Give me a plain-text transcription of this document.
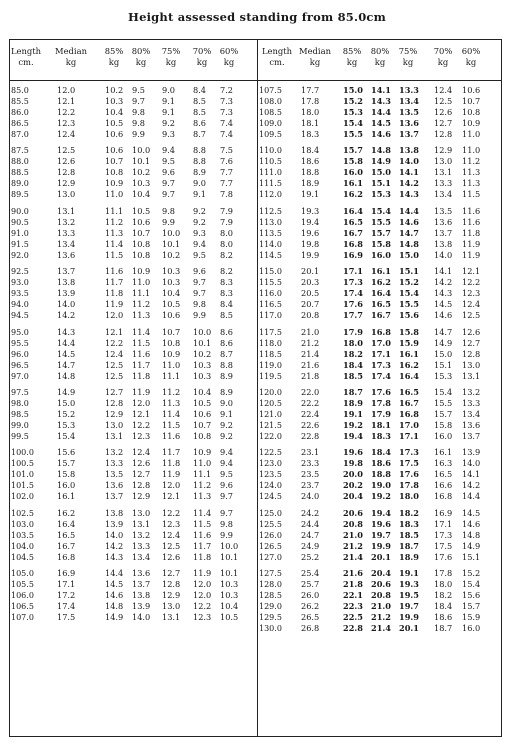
Height assessed standing from 85.0cm
Length
cm.
Median
kg
85%
kg
80%
kg
75%
kg
70%
kg
60%
kg
85.0	12.0	10.2 9.5 9.0 8.4 7.2
85.5	12.1	10.3 9.7 9.1 8.5 7.3
86.0	12.2	10.4 9.8 9.1 8.5 7.3
86.5	12.3	10.5 9.8 9.2 8.6 7.4
87.0	12.4	10.6 9.9 9.3 8.7 7.4
87.5	12.5	10.6 10.0 9.4 8.8 7.5
88.0	12.6	10.7 10.1 9.5 8.8 7.6
88.5	12.8	10.8 10.2 9.6 8.9 7.7
89.0	12.9	10.9 10.3 9.7 9.0 7.7
89.5	13.0	11.0 10.4 9.7 9.1 7.8
90.0	13.1	11.1 10.5 9.8 9.2 7.9
90.5	13.2	11.2 10.6 9.9 9.2 7.9
91.0	13.3	11.3 10.7 10.0 9.3 8.0
91.5	13.4	11.4 10.8 10.1 9.4 8.0
92.0	13.6	11.5 10.8 10.2 9.5 8.2
92.5	13.7	11.6 10.9 10.3 9.6 8.2
93.0	13.8	11.7 11.0 10.3 9.7 8.3
93.5	13.9	11.8 11.1 10.4 9.7 8.3
94.0	14.0	11.9 11.2 10.5 9.8 8.4
94.5	14.2	12.0 11.3 10.6 9.9 8.5
95.0	14.3	12.1 11.4 10.7 10.0 8.6
95.5	14.4	12.2 11.5 10.8 10.1 8.6
96.0	14.5	12.4 11.6 10.9 10.2 8.7
96.5	14.7	12.5 11.7 11.0 10.3 8.8
97.0	14.8	12.5 11.8 11.1 10.3 8.9
97.5	14.9	12.7 11.9 11.2 10.4 8.9
98.0	15.0	12.8 12.0 11.3 10.5 9.0
98.5	15.2	12.9 12.1 11.4 10.6 9.1
99.0	15.3	13.0 12.2 11.5 10.7 9.2
99.5	15.4	13.1 12.3 11.6 10.8 9.2
100.0	15.6	13.2 12.4 11.7 10.9 9.4
100.5	15.7	13.3 12.6 11.8 11.0 9.4
101.0	15.8	13.5 12.7 11.9 11.1 9.5
101.5	16.0	13.6 12.8 12.0 11.2 9.6
102.0	16.1	13.7 12.9 12.1 11.3 9.7
102.5	16.2	13.8 13.0 12.2 11.4 9.7
103.0	16.4	13.9 13.1 12.3 11.5 9.8
103.5	16.5	14.0 13.2 12.4 11.6 9.9
104.0	16.7	14.2 13.3 12.5 11.7 10.0
104.5	16.8	14.3 13.4 12.6 11.8 10.1
105.0	16.9	14.4 13.6 12.7 11.9 10.1
105.5	17.1	14.5 13.7 12.8 12.0 10.3
106.0	17.2	14.6 13.8 12.9 12.0 10.3
106.5	17.4	14.8 13.9 13.0 12.2 10.4
107.0	17.5	14.9 14.0 13.1 12.3 10.5
Length
cm.
Median
kg
85%
kg
80%
kg
75%
kg
70%
kg
60%
kg
107.5 17.7	15.0 14.1 13.3 12.4 10.6
108.0 17.8	15.2 14.3 13.4 12.5 10.7
108.5 18.0	15.3 14.4 13.5 12.6 10.8
109.0 18.1	15.4 14.5 13.6 12.7 10.9
109.5 18.3	15.5 14.6 13.7 12.8 11.0
110.0 18.4	15.7 14.8 13.8 12.9 11.0
110.5 18.6	15.8 14.9 14.0 13.0 11.2
111.0 18.8	16.0 15.0 14.1 13.1 11.3
111.5 18.9	16.1 15.1 14.2 13.3 11.3
112.0 19.1	16.2 15.3 14.3 13.4 11.5
112.5 19.3	16.4 15.4 14.4 13.5 11.6
113.0 19.4	16.5 15.5 14.6 13.6 11.6
113.5 19.6	16.7 15.7 14.7 13.7 11.8
114.0 19.8	16.8 15.8 14.8 13.8 11.9
114.5 19.9	16.9 16.0 15.0 14.0 11.9
115.0 20.1	17.1 16.1 15.1 14.1 12.1
115.5 20.3	17.3 16.2 15.2 14.2 12.2
116.0 20.5	17.4 16.4 15.4 14.3 12.3
116.5 20.7	17.6 16.5 15.5 14.5 12.4
117.0 20.8	17.7 16.7 15.6 14.6 12.5
117.5 21.0	17.9 16.8 15.8 14.7 12.6
118.0 21.2	18.0 17.0 15.9 14.9 12.7
118.5 21.4	18.2 17.1 16.1 15.0 12.8
119.0 21.6	18.4 17.3 16.2 15.1 13.0
119.5 21.8	18.5 17.4 16.4 15.3 13.1
120.0 22.0	18.7 17.6 16.5 15.4 13.2
120.5 22.2	18.9 17.8 16.7 15.5 13.3
121.0 22.4	19.1 17.9 16.8 15.7 13.4
121.5 22.6	19.2 18.1 17.0 15.8 13.6
122.0 22.8	19.4 18.3 17.1 16.0 13.7
122.5 23.1	19.6 18.4 17.3 16.1 13.9
123.0 23.3	19.8 18.6 17.5 16.3 14.0
123.5 23.5	20.0 18.8 17.6 16.5 14.1
124.0 23.7	20.2 19.0 17.8 16.6 14.2
124.5 24.0	20.4 19.2 18.0 16.8 14.4
125.0 24.2	20.6 19.4 18.2 16.9 14.5
125.5 24.4	20.8 19.6 18.3 17.1 14.6
126.0 24.7	21.0 19.7 18.5 17.3 14.8
126.5 24.9	21.2 19.9 18.7 17.5 14.9
127.0 25.2	21.4 20.1 18.9 17.6 15.1
127.5 25.4	21.6 20.4 19.1 17.8 15.2
128.0 25.7	21.8 20.6 19.3 18.0 15.4
128.5 26.0	22.1 20.8 19.5 18.2 15.6
129.0 26.2	22.3 21.0 19.7 18.4 15.7
129.5 26.5	22.5 21.2 19.9 18.6 15.9
130.0 26.8	22.8 21.4 20.1 18.7 16.0
